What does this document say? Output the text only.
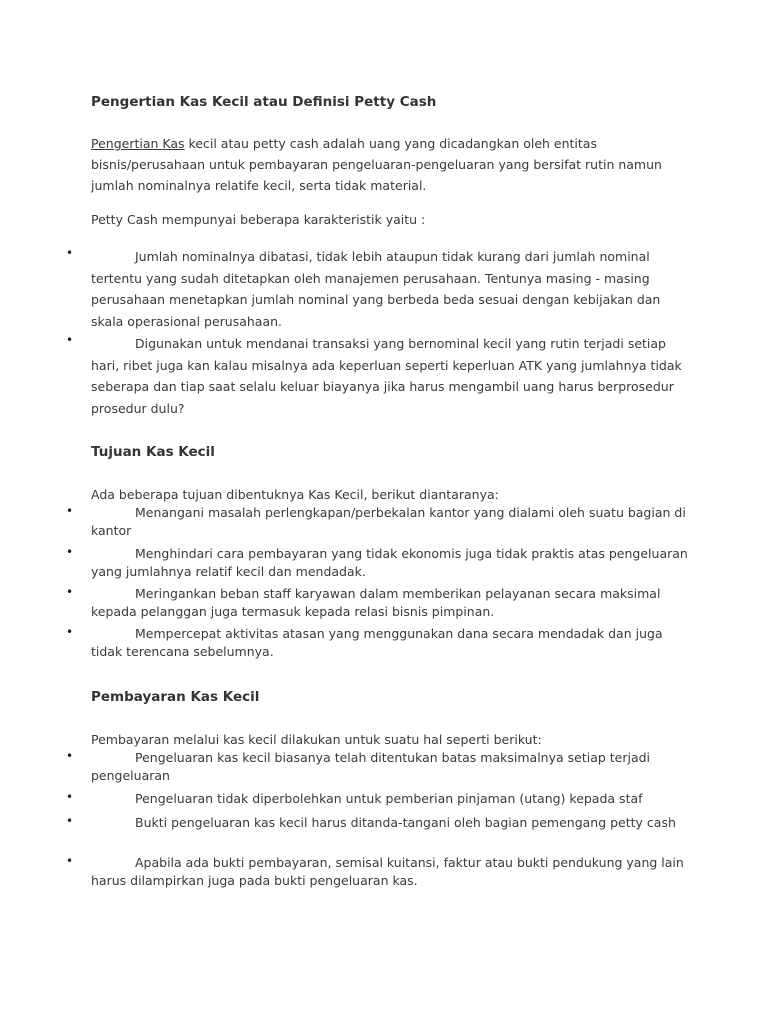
Pengertian Kas Kecil atau Definisi Petty Cash

Pengertian Kas kecil atau petty cash adalah uang yang dicadangkan oleh entitas bisnis/perusahaan untuk pembayaran pengeluaran-pengeluaran yang bersifat rutin namun jumlah nominalnya relatife kecil, serta tidak material.

Petty Cash mempunyai beberapa karakteristik yaitu :

•	Jumlah nominalnya dibatasi, tidak lebih ataupun tidak kurang dari jumlah nominal tertentu yang sudah ditetapkan oleh manajemen perusahaan. Tentunya masing - masing perusahaan menetapkan jumlah nominal yang berbeda beda sesuai dengan kebijakan dan skala operasional perusahaan.

•	Digunakan untuk mendanai transaksi yang bernominal kecil yang rutin terjadi setiap hari, ribet juga kan kalau misalnya ada keperluan seperti keperluan ATK yang jumlahnya tidak seberapa dan tiap saat selalu keluar biayanya jika harus mengambil uang harus berprosedur prosedur dulu?

Tujuan Kas Kecil

Ada beberapa tujuan dibentuknya Kas Kecil, berikut diantaranya:

•	Menangani masalah perlengkapan/perbekalan kantor yang dialami oleh suatu bagian di kantor

•	Menghindari cara pembayaran yang tidak ekonomis juga tidak praktis atas pengeluaran yang jumlahnya relatif kecil dan mendadak.

•	Meringankan beban staff karyawan dalam memberikan pelayanan secara maksimal kepada pelanggan juga termasuk kepada relasi bisnis pimpinan.

•	Mempercepat aktivitas atasan yang menggunakan dana secara mendadak dan juga tidak terencana sebelumnya.

Pembayaran Kas Kecil

Pembayaran melalui kas kecil dilakukan untuk suatu hal seperti berikut:

•	Pengeluaran kas kecil biasanya telah ditentukan batas maksimalnya setiap terjadi pengeluaran

•	Pengeluaran tidak diperbolehkan untuk pemberian pinjaman (utang) kepada staf

•	Bukti pengeluaran kas kecil harus ditanda-tangani oleh bagian pemengang petty cash

•	Apabila ada bukti pembayaran, semisal kuitansi, faktur atau bukti pendukung yang lain harus dilampirkan juga pada bukti pengeluaran kas.
